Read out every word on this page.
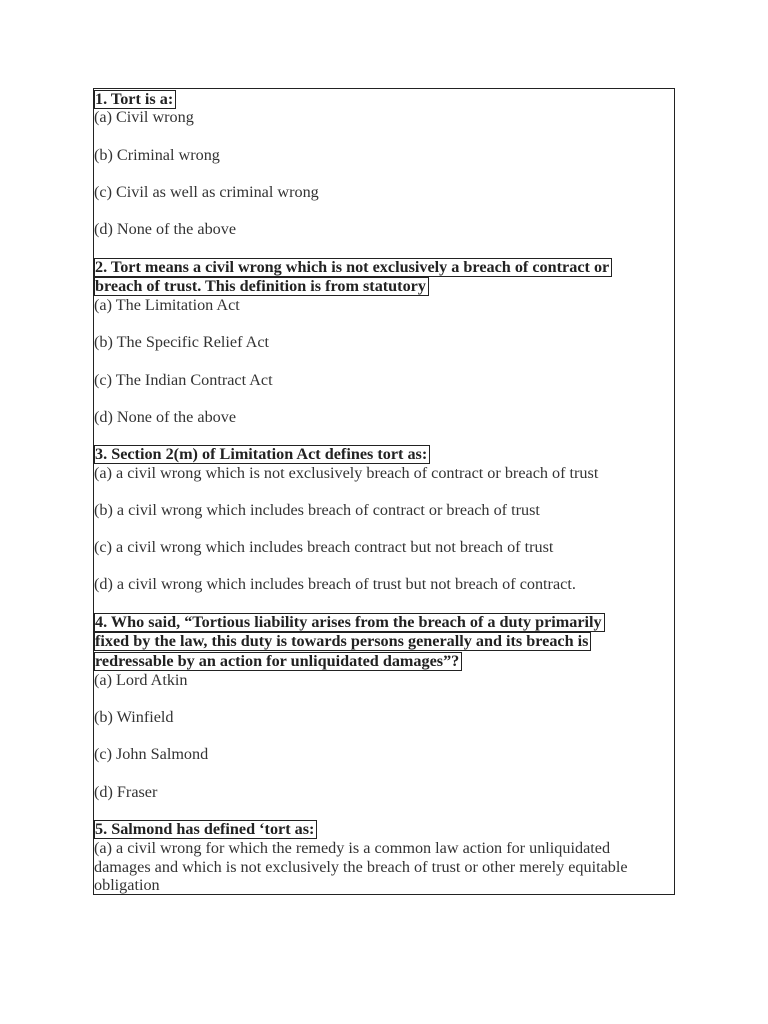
1. Tort is a:
(a) Civil wrong
(b) Criminal wrong
(c) Civil as well as criminal wrong
(d) None of the above
2. Tort means a civil wrong which is not exclusively a breach of contract or
breach of trust. This definition is from statutory
(a) The Limitation Act
(b) The Specific Relief Act
(c) The Indian Contract Act
(d) None of the above
3. Section 2(m) of Limitation Act defines tort as:
(a) a civil wrong which is not exclusively breach of contract or breach of trust
(b) a civil wrong which includes breach of contract or breach of trust
(c) a civil wrong which includes breach contract but not breach of trust
(d) a civil wrong which includes breach of trust but not breach of contract.
4. Who said, “Tortious liability arises from the breach of a duty primarily
fixed by the law, this duty is towards persons generally and its breach is
redressable by an action for unliquidated damages”?
(a) Lord Atkin
(b) Winfield
(c) John Salmond
(d) Fraser
5. Salmond has defined ‘tort as:
(a) a civil wrong for which the remedy is a common law action for unliquidated
damages and which is not exclusively the breach of trust or other merely equitable
obligation
